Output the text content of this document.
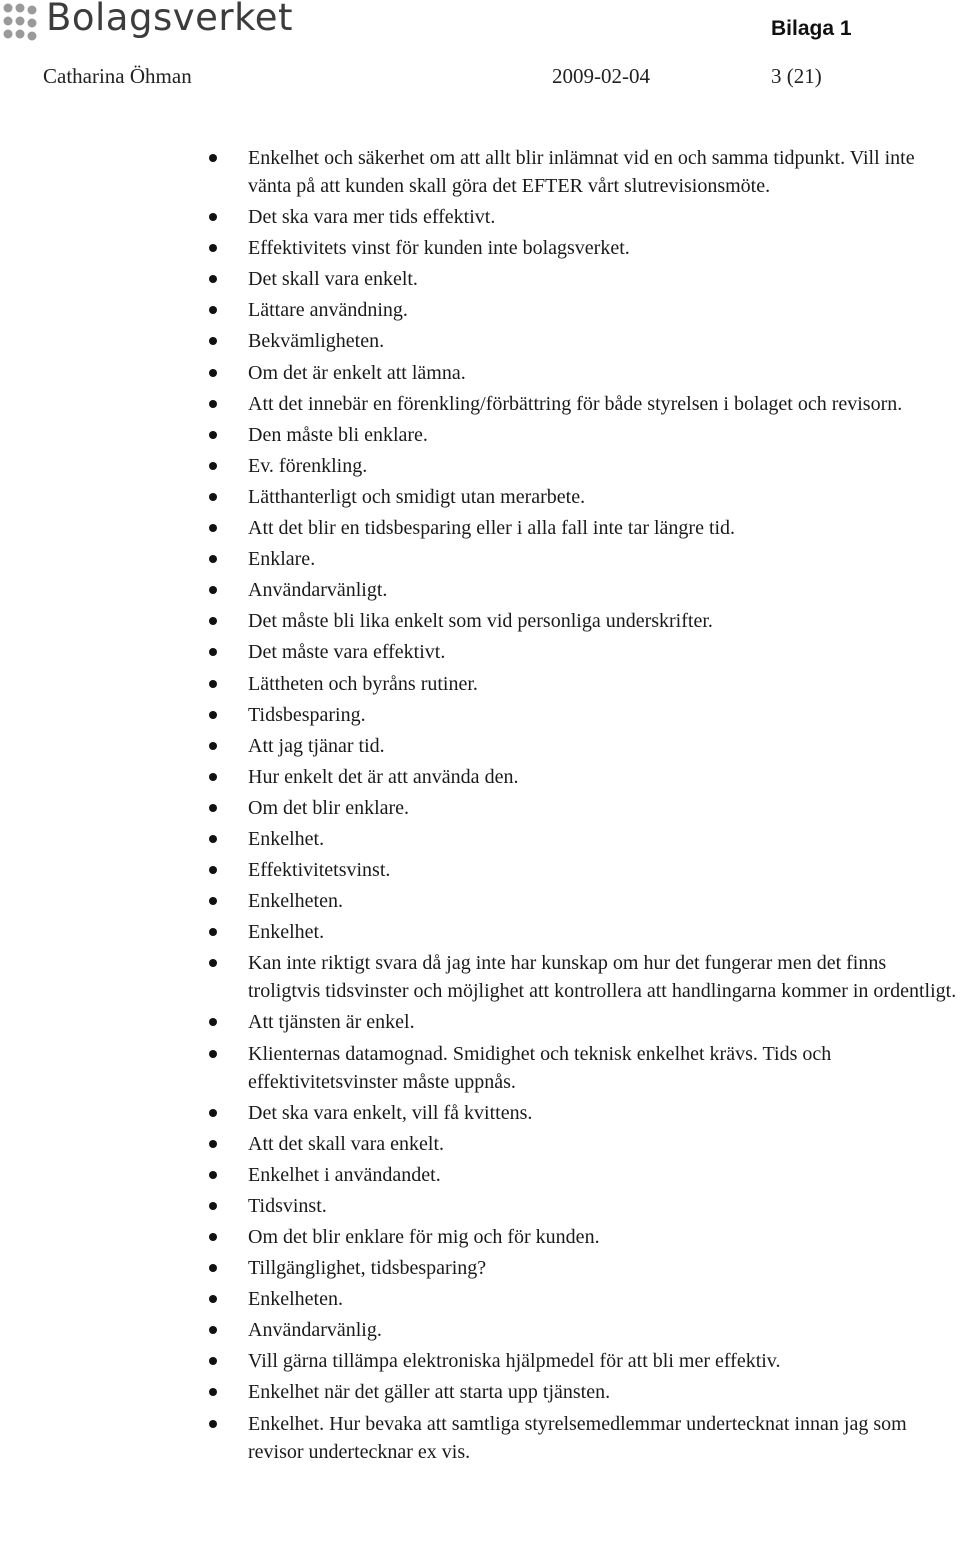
Bolagsverket	Bilaga 1
Catharina Öhman	2009-02-04	3 (21)
Enkelhet och säkerhet om att allt blir inlämnat vid en och samma tidpunkt. Vill inte vänta på att kunden skall göra det EFTER vårt slutrevisionsmöte.
Det ska vara mer tids effektivt.
Effektivitets vinst för kunden inte bolagsverket.
Det skall vara enkelt.
Lättare användning.
Bekvämligheten.
Om det är enkelt att lämna.
Att det innebär en förenkling/förbättring för både styrelsen i bolaget och revisorn.
Den måste bli enklare.
Ev. förenkling.
Lätthanterligt och smidigt utan merarbete.
Att det blir en tidsbesparing eller i alla fall inte tar längre tid.
Enklare.
Användarvänligt.
Det måste bli lika enkelt som vid personliga underskrifter.
Det måste vara effektivt.
Lättheten och byråns rutiner.
Tidsbesparing.
Att jag tjänar tid.
Hur enkelt det är att använda den.
Om det blir enklare.
Enkelhet.
Effektivitetsvinst.
Enkelheten.
Enkelhet.
Kan inte riktigt svara då jag inte har kunskap om hur det fungerar men det finns troligtvis tidsvinster och möjlighet att kontrollera att handlingarna kommer in ordentligt.
Att tjänsten är enkel.
Klienternas datamognad. Smidighet och teknisk enkelhet krävs. Tids och effektivitetsvinster måste uppnås.
Det ska vara enkelt, vill få kvittens.
Att det skall vara enkelt.
Enkelhet i användandet.
Tidsvinst.
Om det blir enklare för mig och för kunden.
Tillgänglighet, tidsbesparing?
Enkelheten.
Användarvänlig.
Vill gärna tillämpa elektroniska hjälpmedel för att bli mer effektiv.
Enkelhet när det gäller att starta upp tjänsten.
Enkelhet. Hur bevaka att samtliga styrelsemedlemmar undertecknat innan jag som revisor undertecknar ex vis.
